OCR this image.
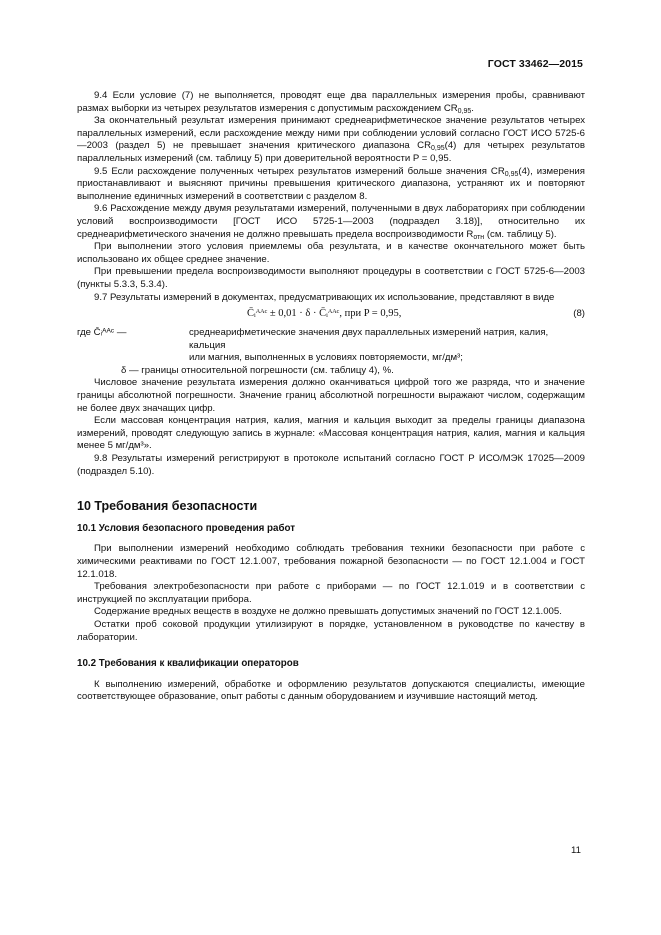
ГОСТ 33462—2015

9.4 Если условие (7) не выполняется, проводят еще два параллельных измерения пробы, сравнивают размах выборки из четырех результатов измерения с допустимым расхождением $CR_{0,95}$.

За окончательный результат измерения принимают среднеарифметическое значение результатов четырех параллельных измерений, если расхождение между ними при соблюдении условий согласно ГОСТ ИСО 5725-6—2003 (раздел 5) не превышает значения критического диапазона $CR_{0,95}(4)$ для четырех результатов параллельных измерений (см. таблицу 5) при доверительной вероятности P = 0,95.

9.5 Если расхождение полученных четырех результатов измерений больше значения $CR_{0,95}(4)$, измерения приостанавливают и выясняют причины превышения критического диапазона, устраняют их и повторяют выполнение единичных измерений в соответствии с разделом 8.

9.6 Расхождение между двумя результатами измерений, полученными в двух лабораториях при соблюдении условий воспроизводимости [ГОСТ ИСО 5725-1—2003 (подраздел 3.18)], относительно их среднеарифметического значения не должно превышать предела воспроизводимости $R_{отн}$ (см. таблицу 5).

При выполнении этого условия приемлемы оба результата, и в качестве окончательного может быть использовано их общее среднее значение.

При превышении предела воспроизводимости выполняют процедуры в соответствии с ГОСТ 5725-6—2003 (пункты 5.3.3, 5.3.4).

9.7 Результаты измерений в документах, предусматривающих их использование, представляют в виде

C̄ᵢᴬᴬᶜ ± 0,01 · δ · C̄ᵢᴬᴬᶜ, при P = 0,95,	(8)
где C̄ᵢᴬᴬᶜ —	среднеарифметические значения двух параллельных измерений натрия, калия, кальция
или магния, выполненных в условиях повторяемости, мг/дм³;
δ — границы относительной погрешности (см. таблицу 4), %.

Числовое значение результата измерения должно оканчиваться цифрой того же разряда, что и значение границы абсолютной погрешности. Значение границ абсолютной погрешности выражают числом, содержащим не более двух значащих цифр.

Если массовая концентрация натрия, калия, магния и кальция выходит за пределы границы диапазона измерений, проводят следующую запись в журнале: «Массовая концентрация натрия, калия, магния и кальция менее 5 мг/дм³».

9.8 Результаты измерений регистрируют в протоколе испытаний согласно ГОСТ Р ИСО/МЭК 17025—2009 (подраздел 5.10).

10 Требования безопасности
10.1 Условия безопасного проведения работ

При выполнении измерений необходимо соблюдать требования техники безопасности при работе с химическими реактивами по ГОСТ 12.1.007, требования пожарной безопасности — по ГОСТ 12.1.004 и ГОСТ 12.1.018.

Требования электробезопасности при работе с приборами — по ГОСТ 12.1.019 и в соответствии с инструкцией по эксплуатации прибора.

Содержание вредных веществ в воздухе не должно превышать допустимых значений по ГОСТ 12.1.005.

Остатки проб соковой продукции утилизируют в порядке, установленном в руководстве по качеству в лаборатории.

10.2 Требования к квалификации операторов

К выполнению измерений, обработке и оформлению результатов допускаются специалисты, имеющие соответствующее образование, опыт работы с данным оборудованием и изучившие настоящий метод.

11
